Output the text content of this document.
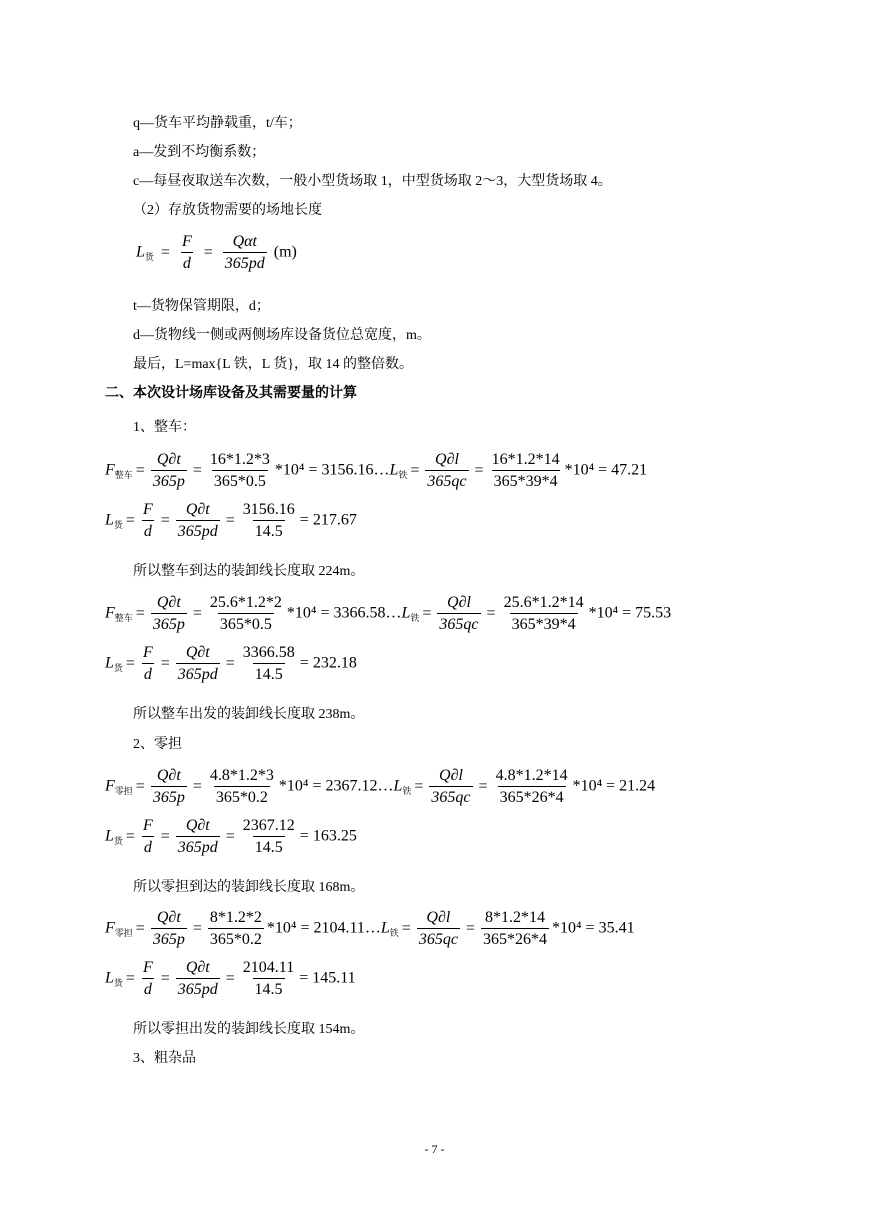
q—货车平均静载重，t/车；
a—发到不均衡系数；
c—每昼夜取送车次数，一般小型货场取 1，中型货场取 2～3，大型货场取 4。
（2）存放货物需要的场地长度
$L_货 = \frac{F}{d} = \frac{\text{Qαt}}{365pd} (m)$
t—货物保管期限，d；
d—货物线一侧或两侧场库设备货位总宽度，m。
最后，L=max{L 铁，L 货}，取 14 的整倍数。
二、本次设计场库设备及其需要量的计算
1、整车：
$F_{整车} = \frac{Q\partial t}{365p} = \frac{16*1.2*3}{365*0.5} *10^4$ = $3156.16\dots L_铁 = \frac{Q\partial l}{365qc} = \frac{16*1.2*14}{365*39*4} *10^4 = 47.21$
$L_货 = \frac{F}{d} = \frac{Q\partial t}{365pd} = \frac{3156.16}{14.5} = 217.67$
所以整车到达的装卸线长度取 224m。
$F_{整车} = \frac{Q\partial t}{365p} = \frac{25.6*1.2*2}{365*0.5} *10^4$ = $3366.58\dots L_铁 = \frac{Q\partial l}{365qc} = \frac{25.6*1.2*14}{365*39*4} *10^4 = 75.53$
$L_货 = \frac{F}{d} = \frac{Q\partial t}{365pd} = \frac{3366.58}{14.5} = 232.18$
所以整车出发的装卸线长度取 238m。
2、零担
$F_{零担} = \frac{Q\partial t}{365p} = \frac{4.8*1.2*3}{365*0.2} *10^4$ = $2367.12\dots L_铁 = \frac{Q\partial l}{365qc} = \frac{4.8*1.2*14}{365*26*4} *10^4 = 21.24$
$L_货 = \frac{F}{d} = \frac{Q\partial t}{365pd} = \frac{2367.12}{14.5} = 163.25$
所以零担到达的装卸线长度取 168m。
$F_{零担} = \frac{Q\partial t}{365p} = \frac{8*1.2*2}{365*0.2} *10^4$ = $2104.11\dots L_铁 = \frac{Q\partial l}{365qc} = \frac{8*1.2*14}{365*26*4} *10^4 = 35.41$
$L_货 = \frac{F}{d} = \frac{Q\partial t}{365pd} = \frac{2104.11}{14.5} = 145.11$
所以零担出发的装卸线长度取 154m。
3、粗杂品
- 7 -
